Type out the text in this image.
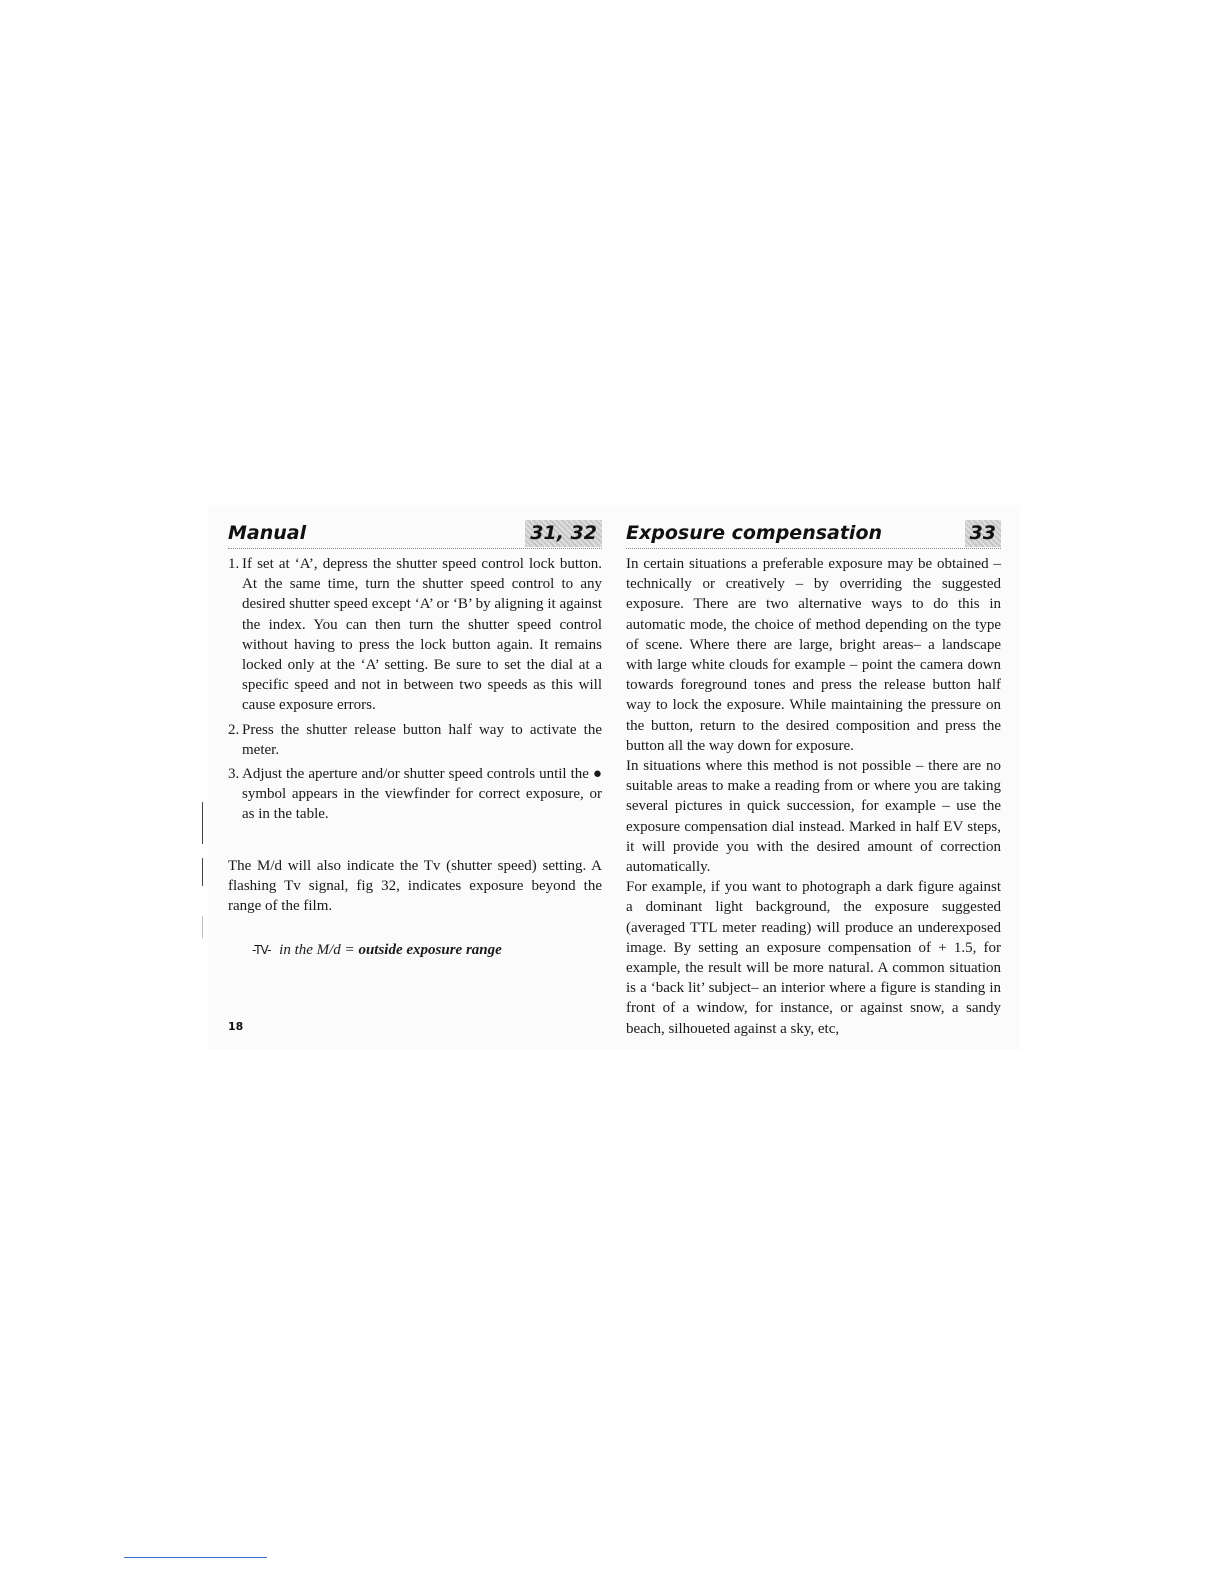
Manual	31, 32
1. If set at ‘A’, depress the shutter speed control lock button. At the same time, turn the shutter speed control to any desired shutter speed except ‘A’ or ‘B’ by aligning it against the index. You can then turn the shutter speed control without having to press the lock button again. It remains locked only at the ‘A’ setting. Be sure to set the dial at a specific speed and not in between two speeds as this will cause exposure errors.
2. Press the shutter release button half way to activate the meter.
3. Adjust the aperture and/or shutter speed controls until the ● symbol appears in the viewfinder for correct exposure, or as in the table.

The M/d will also indicate the Tv (shutter speed) setting. A flashing Tv signal, fig 32, indicates exposure beyond the range of the film.

-TV- in the M/d = outside exposure range
Exposure compensation	33

In certain situations a preferable exposure may be obtained – technically or creatively – by overriding the suggested exposure. There are two alternative ways to do this in automatic mode, the choice of method depending on the type of scene. Where there are large, bright areas– a landscape with large white clouds for example – point the camera down towards foreground tones and press the release button half way to lock the exposure. While maintaining the pressure on the button, return to the desired composition and press the button all the way down for exposure.

In situations where this method is not possible – there are no suitable areas to make a reading from or where you are taking several pictures in quick succession, for example – use the exposure compensation dial instead. Marked in half EV steps, it will provide you with the desired amount of correction automatically.

For example, if you want to photograph a dark figure against a dominant light background, the exposure suggested (averaged TTL meter reading) will produce an underexposed image. By setting an exposure compensation of + 1.5, for example, the result will be more natural. A common situation is a ‘back lit’ subject– an interior where a figure is standing in front of a window, for instance, or against snow, a sandy beach, silhoueted against a sky, etc,

18
